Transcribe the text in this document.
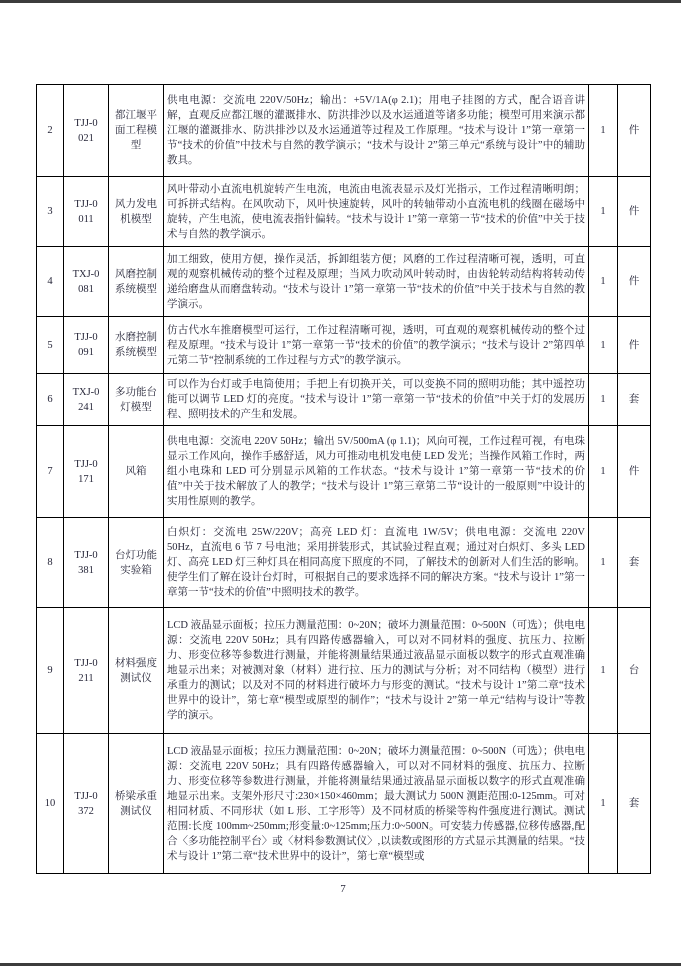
2	TJJ-0 021	都江堰平面工程模型	供电电源：交流电 220V/50Hz；输出：+5V/1A(φ 2.1)；用电子挂图的方式，配合语音讲解，直观反应都江堰的灌溉排水、防洪排沙以及水运通道等诸多功能；模型可用来演示都江堰的灌溉排水、防洪排沙以及水运通道等过程及工作原理。“技术与设计 1”第一章第一节“技术的价值”中技术与自然的教学演示；“技术与设计 2”第三单元“系统与设计”中的辅助教具。	1	件
3	TJJ-0 011	风力发电机模型	风叶带动小直流电机旋转产生电流，电流由电流表显示及灯光指示，工作过程清晰明朗；可拆拼式结构。在风吹动下，风叶快速旋转，风叶的转轴带动小直流电机的线圈在磁场中旋转，产生电流，使电流表指针偏转。“技术与设计 1”第一章第一节“技术的价值”中关于技术与自然的教学演示。	1	件
4	TXJ-0 081	风磨控制系统模型	加工细致，使用方便，操作灵活，拆卸组装方便；风磨的工作过程清晰可视，透明，可直观的观察机械传动的整个过程及原理；当风力吹动风叶转动时，由齿轮转动结构将转动传递给磨盘从而磨盘转动。“技术与设计 1”第一章第一节“技术的价值”中关于技术与自然的教学演示。	1	件
5	TJJ-0 091	水磨控制系统模型	仿古代水车推磨模型可运行，工作过程清晰可视，透明，可直观的观察机械传动的整个过程及原理。“技术与设计 1”第一章第一节“技术的价值”的教学演示；“技术与设计 2”第四单元第二节“控制系统的工作过程与方式”的教学演示。	1	件
6	TXJ-0 241	多功能台灯模型	可以作为台灯或手电筒使用；手把上有切换开关，可以变换不同的照明功能；其中遥控功能可以调节 LED 灯的亮度。“技术与设计 1”第一章第一节“技术的价值”中关于灯的发展历程、照明技术的产生和发展。	1	套
7	TJJ-0 171	风箱	供电电源：交流电 220V 50Hz；输出 5V/500mA (φ 1.1)；风向可视，工作过程可视，有电珠显示工作风向，操作手感舒适，风力可推动电机发电使 LED 发光；当操作风箱工作时，两组小电珠和 LED 可分别显示风箱的工作状态。“技术与设计 1”第一章第一节“技术的价值”中关于技术解放了人的教学；“技术与设计 1”第三章第二节“设计的一般原则”中设计的实用性原则的教学。	1	件
8	TJJ-0 381	台灯功能实验箱	白炽灯：交流电 25W/220V；高亮 LED 灯：直流电 1W/5V；供电电源：交流电 220V 50Hz，直流电 6 节 7 号电池；采用拼装形式，其试验过程直观；通过对白炽灯、多头 LED 灯、高亮 LED 灯三种灯具在相同高度下照度的不同，了解技术的创新对人们生活的影响。使学生们了解在设计台灯时，可根据自己的要求选择不同的解决方案。“技术与设计 1”第一章第一节“技术的价值”中照明技术的教学。	1	套
9	TJJ-0 211	材料强度测试仪	LCD 液晶显示面板；拉压力测量范围：0~20N；破坏力测量范围：0~500N（可选）；供电电源：交流电 220V 50Hz；具有四路传感器输入，可以对不同材料的强度、抗压力、拉断力、形变位移等参数进行测量，并能将测量结果通过液晶显示面板以数字的形式直观准确地显示出来；对被测对象（材料）进行拉、压力的测试与分析；对不同结构（模型）进行承重力的测试；以及对不同的材料进行破坏力与形变的测试。“技术与设计 1”第二章“技术世界中的设计”，第七章“模型或原型的制作”；“技术与设计 2”第一单元“结构与设计”等教学的演示。	1	台
10	TJJ-0 372	桥梁承重测试仪	LCD 液晶显示面板；拉压力测量范围：0~20N；破坏力测量范围：0~500N（可选）；供电电源：交流电 220V 50Hz；具有四路传感器输入，可以对不同材料的强度、抗压力、拉断力、形变位移等参数进行测量，并能将测量结果通过液晶显示面板以数字的形式直观准确地显示出来。支架外形尺寸:230×150×460mm；最大测试力 500N 测距范围:0-125mm。可对相同材质、不同形状（如 L 形、工字形等）及不同材质的桥梁等构件强度进行测试。测试范围:长度 100mm~250mm;形变量:0~125mm;压力:0~500N。可安装力传感器,位移传感器,配合〈多功能控制平台〉或〈材料参数测试仪〉,以读数或图形的方式显示其测量的结果。“技术与设计 1”第二章“技术世界中的设计”，第七章“模型或	1	套
7
